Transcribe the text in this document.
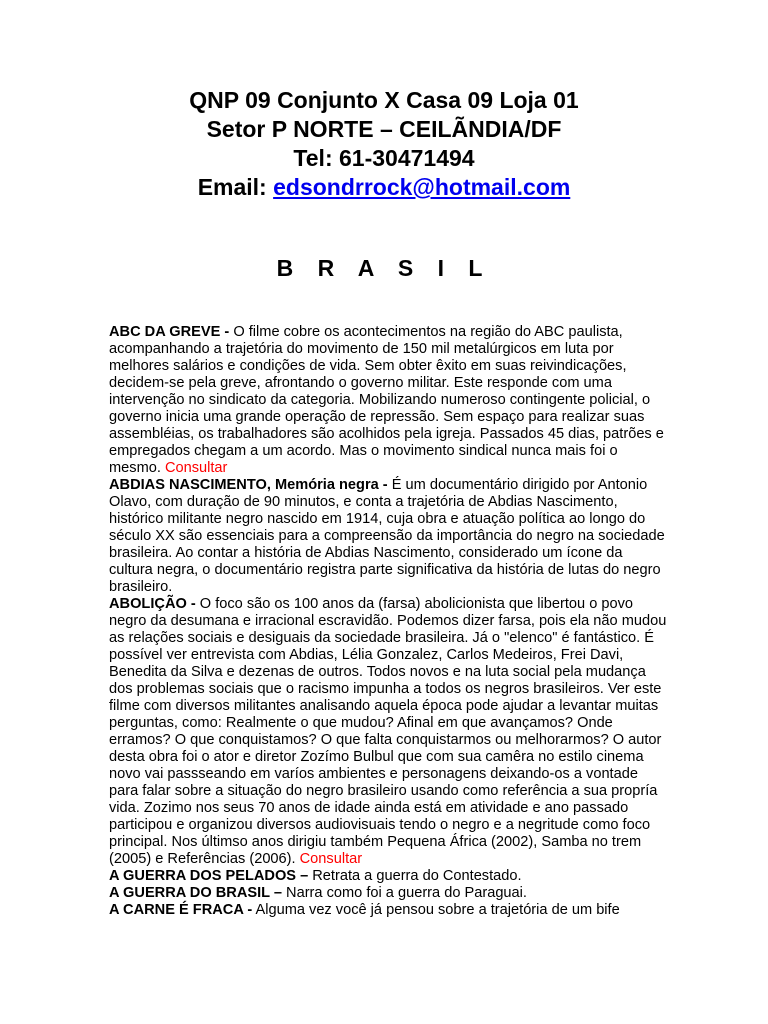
QNP 09 Conjunto X Casa 09 Loja 01
Setor P NORTE – CEILÃNDIA/DF
Tel: 61-30471494
Email: edsondrrock@hotmail.com
B R A S I L

ABC DA GREVE - O filme cobre os acontecimentos na região do ABC paulista, acompanhando a trajetória do movimento de 150 mil metalúrgicos em luta por melhores salários e condições de vida. Sem obter êxito em suas reivindicações, decidem-se pela greve, afrontando o governo militar. Este responde com uma intervenção no sindicato da categoria. Mobilizando numeroso contingente policial, o governo inicia uma grande operação de repressão. Sem espaço para realizar suas assembléias, os trabalhadores são acolhidos pela igreja. Passados 45 dias, patrões e empregados chegam a um acordo. Mas o movimento sindical nunca mais foi o mesmo. Consultar

ABDIAS NASCIMENTO, Memória negra - É um documentário dirigido por Antonio Olavo, com duração de 90 minutos, e conta a trajetória de Abdias Nascimento, histórico militante negro nascido em 1914, cuja obra e atuação política ao longo do século XX são essenciais para a compreensão da importância do negro na sociedade brasileira. Ao contar a história de Abdias Nascimento, considerado um ícone da cultura negra, o documentário registra parte significativa da história de lutas do negro brasileiro.

ABOLIÇÃO - O foco são os 100 anos da (farsa) abolicionista que libertou o povo negro da desumana e irracional escravidão. Podemos dizer farsa, pois ela não mudou as relações sociais e desiguais da sociedade brasileira. Já o "elenco" é fantástico. É possível ver entrevista com Abdias, Lélia Gonzalez, Carlos Medeiros, Frei Davi, Benedita da Silva e dezenas de outros. Todos novos e na luta social pela mudança dos problemas sociais que o racismo impunha a todos os negros brasileiros. Ver este filme com diversos militantes analisando aquela época pode ajudar a levantar muitas perguntas, como: Realmente o que mudou? Afinal em que avançamos? Onde erramos? O que conquistamos? O que falta conquistarmos ou melhorarmos? O autor desta obra foi o ator e diretor Zozímo Bulbul que com sua camêra no estilo cinema novo vai passseando em varíos ambientes e personagens deixando-os a vontade para falar sobre a situação do negro brasileiro usando como referência a sua propría vida. Zozimo nos seus 70 anos de idade ainda está em atividade e ano passado participou e organizou diversos audiovisuais tendo o negro e a negritude como foco principal. Nos últimso anos dirigiu também Pequena África (2002), Samba no trem (2005) e Referências (2006). Consultar

A GUERRA DOS PELADOS – Retrata a guerra do Contestado.

A GUERRA DO BRASIL – Narra como foi a guerra do Paraguai.

A CARNE É FRACA - Alguma vez você já pensou sobre a trajetória de um bife
